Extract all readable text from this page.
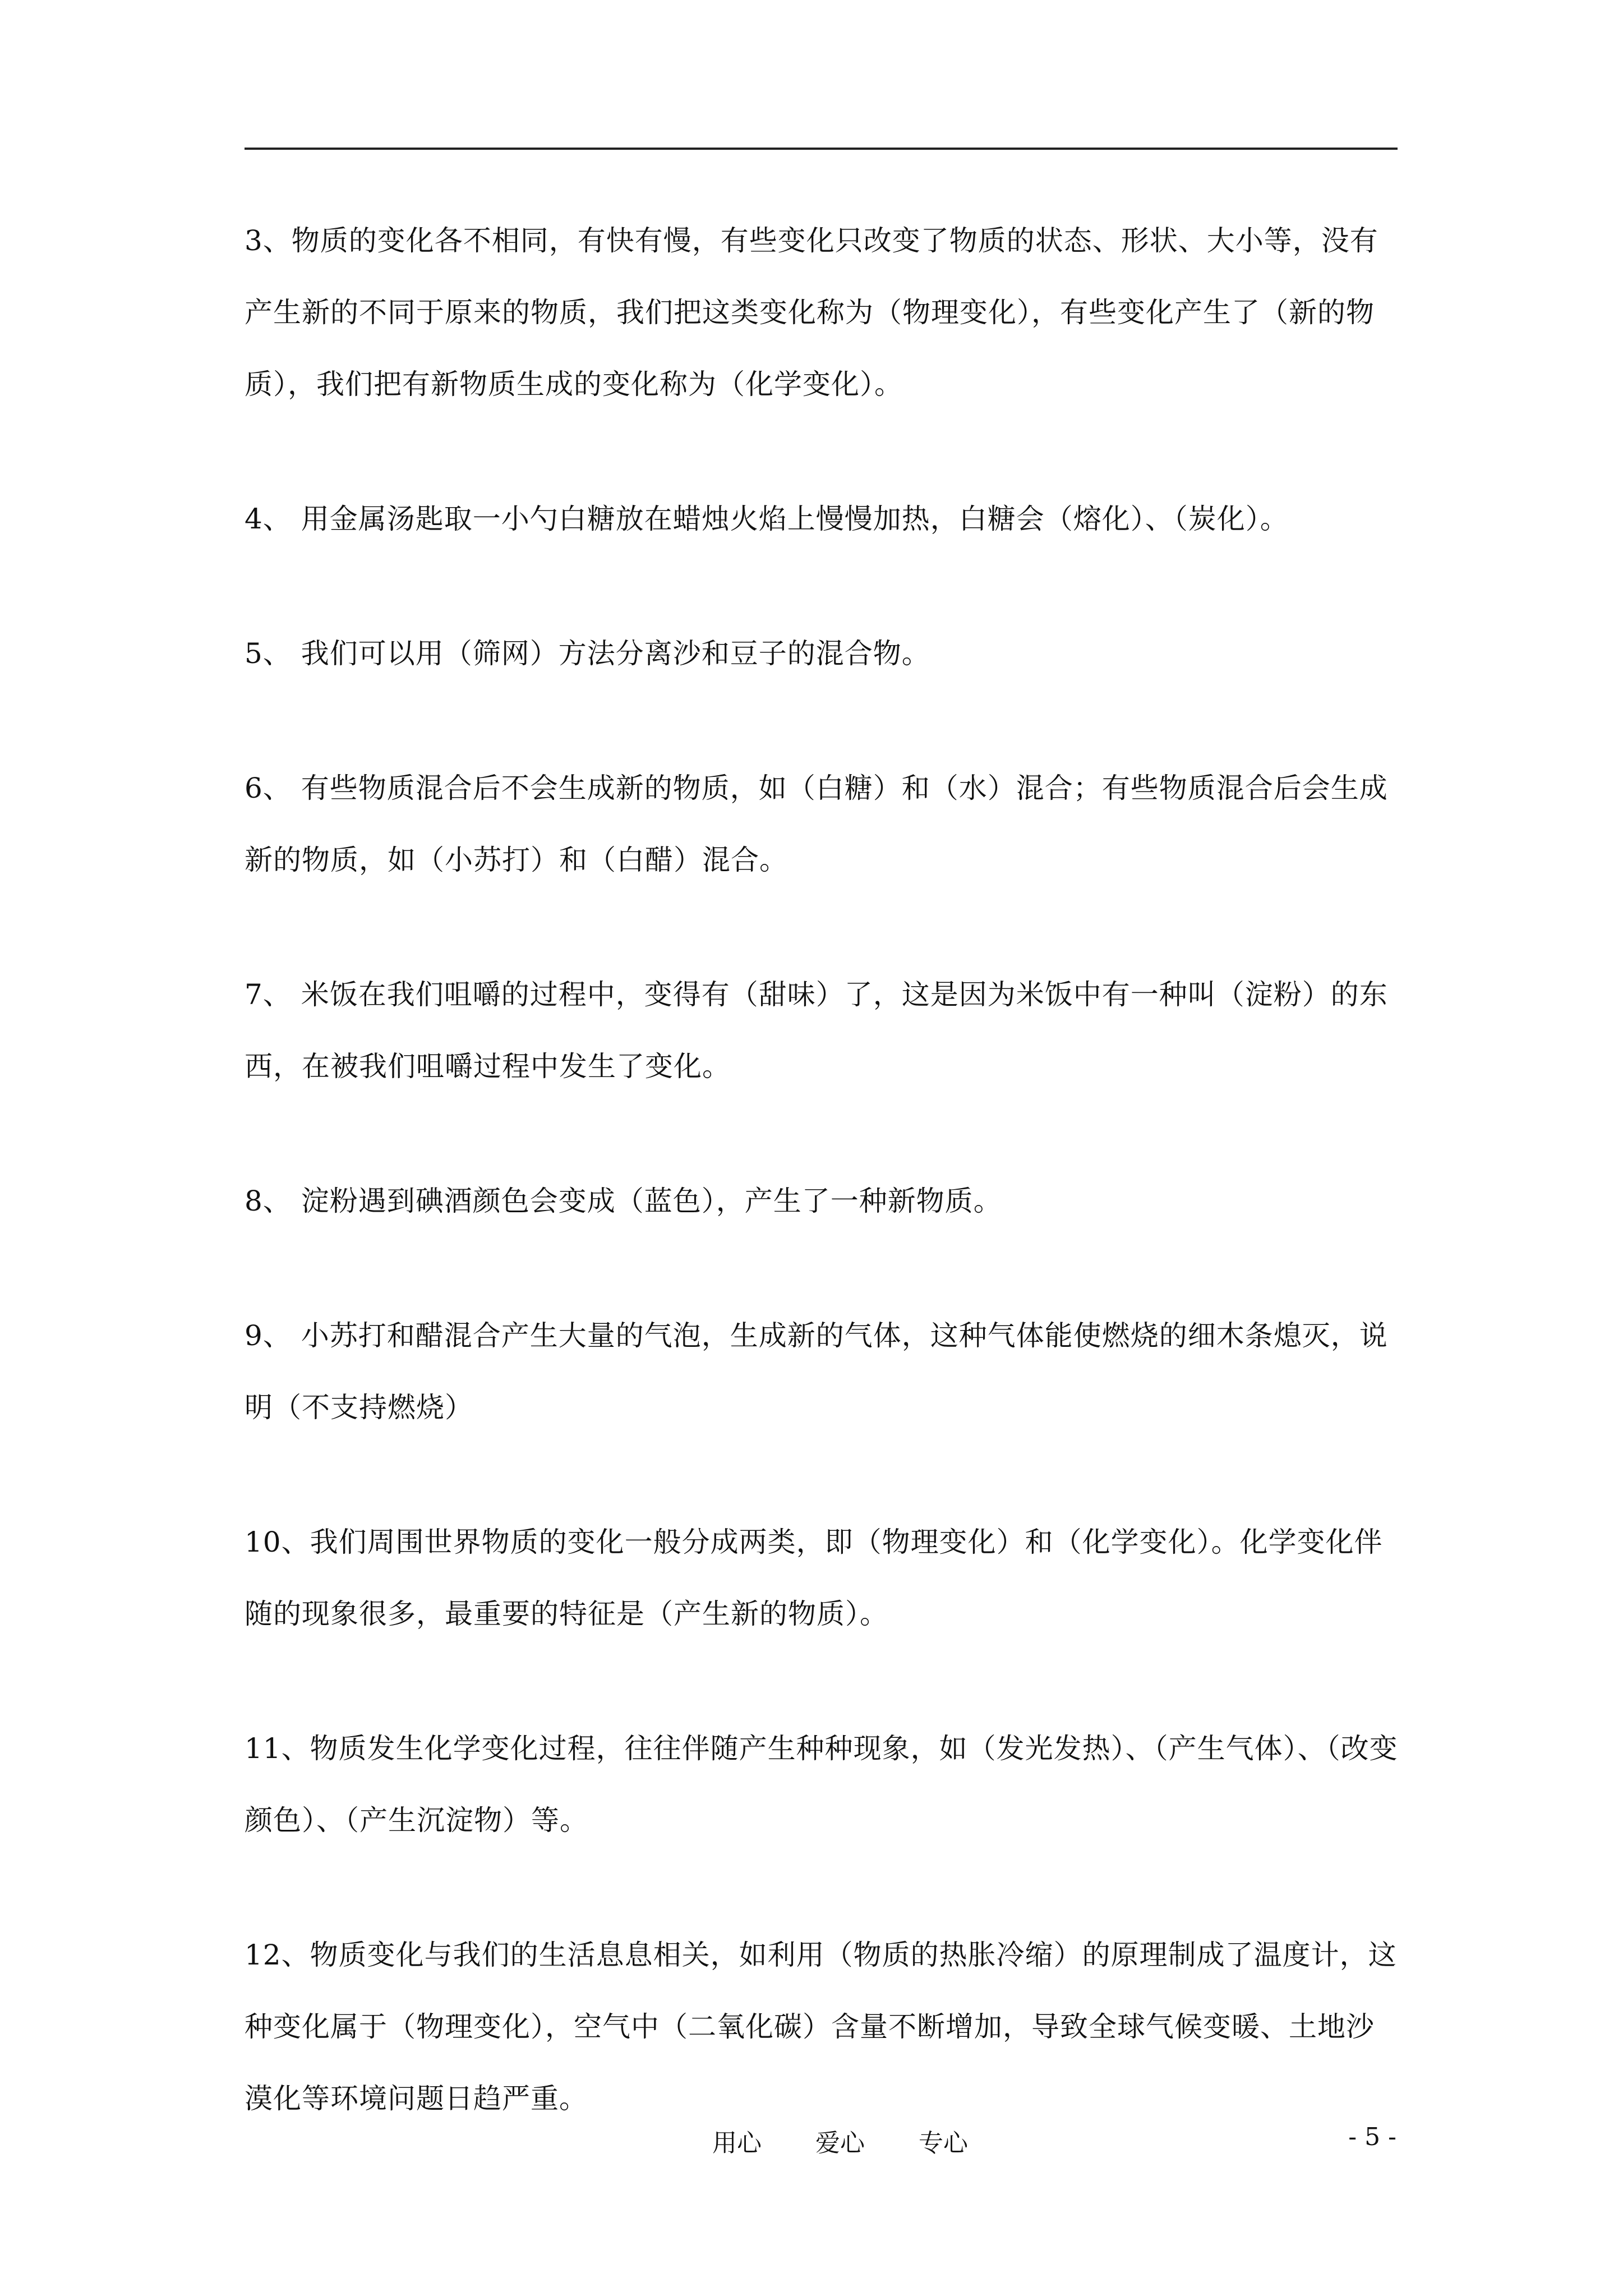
3、物质的变化各不相同，有快有慢，有些变化只改变了物质的状态、形状、大小等，没有产生新的不同于原来的物质，我们把这类变化称为（物理变化），有些变化产生了（新的物质），我们把有新物质生成的变化称为（化学变化）。

4、 用金属汤匙取一小勺白糖放在蜡烛火焰上慢慢加热，白糖会（熔化）、（炭化）。

5、 我们可以用（筛网）方法分离沙和豆子的混合物。

6、 有些物质混合后不会生成新的物质，如（白糖）和（水）混合；有些物质混合后会生成新的物质，如（小苏打）和（白醋）混合。

7、 米饭在我们咀嚼的过程中，变得有（甜味）了，这是因为米饭中有一种叫（淀粉）的东西，在被我们咀嚼过程中发生了变化。

8、 淀粉遇到碘酒颜色会变成（蓝色），产生了一种新物质。

9、 小苏打和醋混合产生大量的气泡，生成新的气体，这种气体能使燃烧的细木条熄灭，说明（不支持燃烧）

10、我们周围世界物质的变化一般分成两类，即（物理变化）和（化学变化）。化学变化伴随的现象很多，最重要的特征是（产生新的物质）。

11、物质发生化学变化过程，往往伴随产生种种现象，如（发光发热）、（产生气体）、（改变颜色）、（产生沉淀物）等。

12、物质变化与我们的生活息息相关，如利用（物质的热胀冷缩）的原理制成了温度计，这种变化属于（物理变化），空气中（二氧化碳）含量不断增加，导致全球气候变暖、土地沙漠化等环境问题日趋严重。

用心 爱心 专心	- 5 -
